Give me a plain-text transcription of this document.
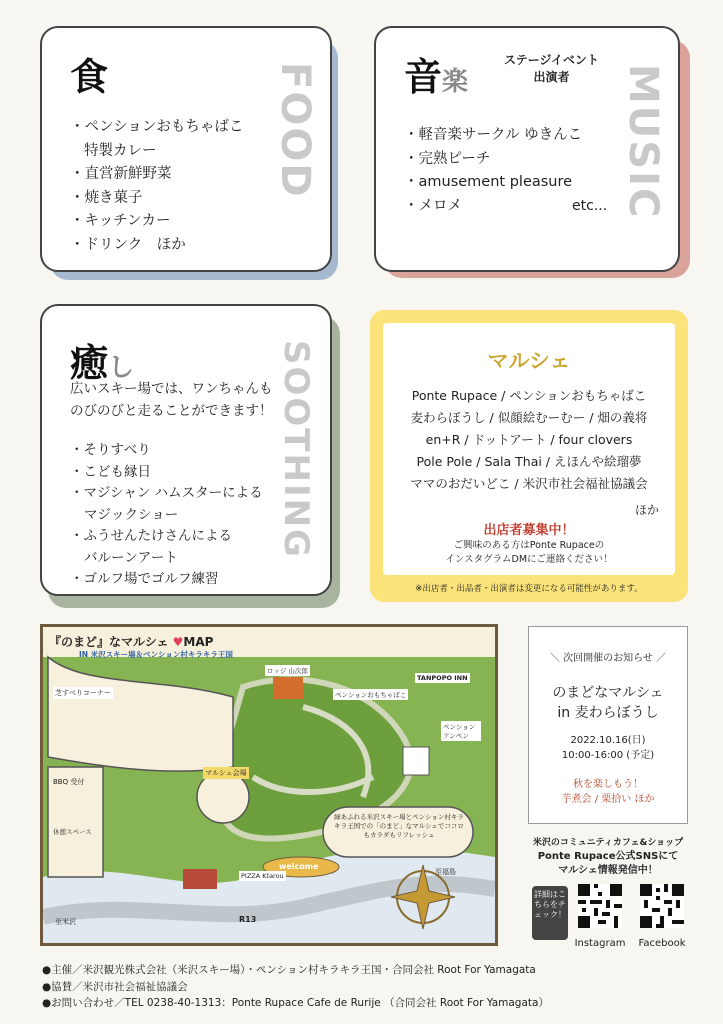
食	FOOD
・ペンションおもちゃばこ
特製カレー
・直営新鮮野菜
・焼き菓子
・キッチンカー
・ドリンク　ほか
音楽
ステージイベント
出演者	MUSIC
・軽音楽サークル ゆきんこ
・完熟ピーチ
・amusement pleasure
・メロメ	etc...
癒し	SOOTHING
広いスキー場では、ワンちゃんも
のびのびと走ることができます！
・そりすべり
・こども縁日
・マジシャン ハムスターによる
マジックショー
・ふうせんたけさんによる
バルーンアート
・ゴルフ場でゴルフ練習
マルシェ
Ponte Rupace / ペンションおもちゃばこ
麦わらぼうし / 似顔絵むーむー / 畑の義将
en+R / ドットアート / four clovers
Pole Pole / Sala Thai / えほんや絵瑠夢
ママのおだいどこ / 米沢市社会福祉協議会
ほか
出店者募集中！
ご興味のある方はPonte Rupaceの
インスタグラムDMにご連絡ください！
※出店者・出品者・出演者は変更になる可能性があります。
『のまど』なマルシェ ♥MAP
IN 米沢スキー場＆ペンション村キラキラ王国
芝すべりコーナー	ペンションおもちゃばこ
TANPOPO INN
マルシェ会場
PIZZA Ktarou
R13
至米沢
至福島
welcome
ロッジ 山次郎
ペンション アンペン
BBQ 受付
休憩スペース
緑あふれる米沢スキー場とペンション村キラキラ王国での「のまど」なマルシェでココロもカラダもリフレッシュ
＼ 次回開催のお知らせ ／
のまどなマルシェ
in 麦わらぼうし
2022.10.16(日)
10:00-16:00 (予定)
秋を楽しもう！
芋煮会 / 栗拾い ほか
米沢のコミュニティカフェ&ショップ
Ponte Rupace公式SNSにて
マルシェ情報発信中！
詳細はこちらをチェック！
Instagram	Facebook
●主催／米沢観光株式会社（米沢スキー場）・ペンション村キラキラ王国・合同会社 Root For Yamagata
●協賛／米沢市社会福祉協議会
●お問い合わせ／TEL 0238-40-1313：Ponte Rupace Cafe de Rurije （合同会社 Root For Yamagata）
